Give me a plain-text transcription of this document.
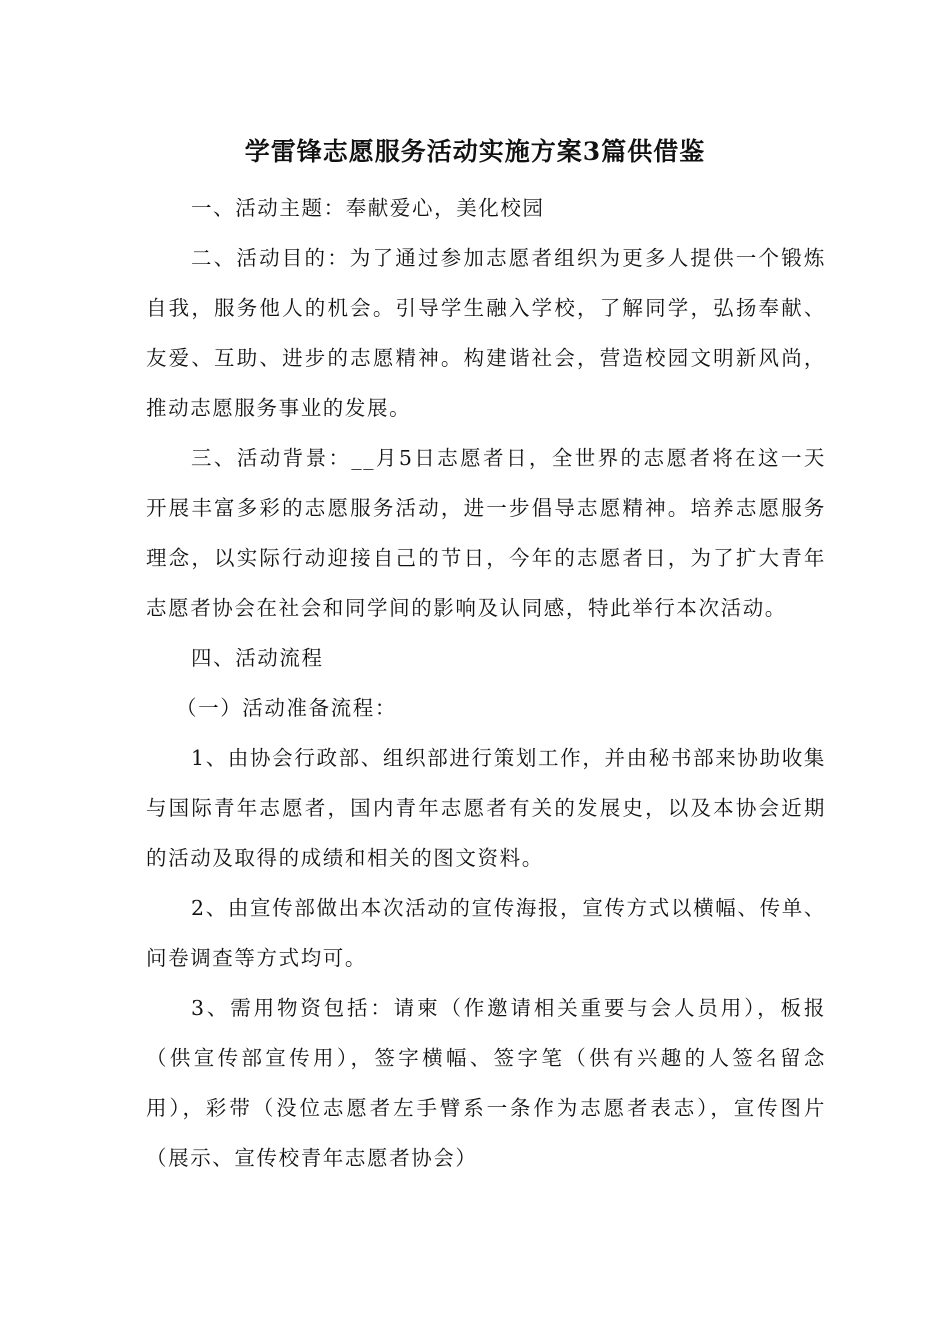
学雷锋志愿服务活动实施方案3篇供借鉴

一、活动主题：奉献爱心，美化校园

二、活动目的：为了通过参加志愿者组织为更多人提供一个锻炼自我，服务他人的机会。引导学生融入学校，了解同学，弘扬奉献、友爱、互助、进步的志愿精神。构建谐社会，营造校园文明新风尚，推动志愿服务事业的发展。

三、活动背景：__月5日志愿者日，全世界的志愿者将在这一天开展丰富多彩的志愿服务活动，进一步倡导志愿精神。培养志愿服务理念，以实际行动迎接自己的节日，今年的志愿者日，为了扩大青年志愿者协会在社会和同学间的影响及认同感，特此举行本次活动。

四、活动流程

（一）活动准备流程：

1、由协会行政部、组织部进行策划工作，并由秘书部来协助收集与国际青年志愿者，国内青年志愿者有关的发展史，以及本协会近期的活动及取得的成绩和相关的图文资料。

2、由宣传部做出本次活动的宣传海报，宣传方式以横幅、传单、问卷调查等方式均可。

3、需用物资包括：请柬（作邀请相关重要与会人员用），板报（供宣传部宣传用），签字横幅、签字笔（供有兴趣的人签名留念用），彩带（没位志愿者左手臂系一条作为志愿者表志），宣传图片（展示、宣传校青年志愿者协会）
